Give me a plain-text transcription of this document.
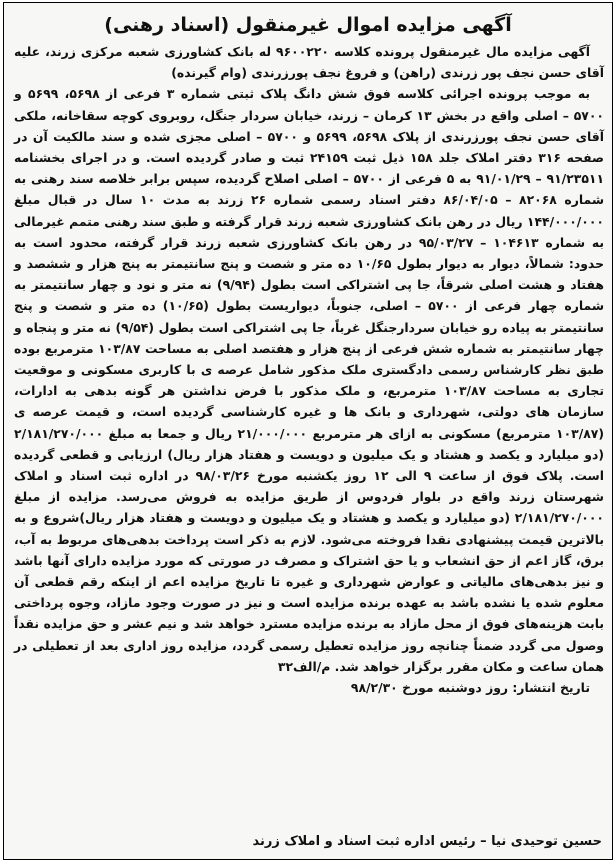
آگهی مزایده اموال غیرمنقول (اسناد رهنی)

آگهی مزایده مال غیرمنقول پرونده کلاسه ۹۶۰۰۲۲۰ له بانک کشاورزی شعبه مرکزی زرند، علیه آقای حسن نجف پور زرندی (راهن) و فروغ نجف پورزرندی (وام گیرنده)

به موجب پرونده اجرائی کلاسه فوق شش دانگ پلاک ثبتی شماره ۳ فرعی از ۵۶۹۸، ۵۶۹۹ و ۵۷۰۰ – اصلی واقع در بخش ۱۳ کرمان – زرند، خیابان سردار جنگل، روبروی کوچه سقاخانه، ملکی آقای حسن نجف پورزرندی از پلاک ۵۶۹۸، ۵۶۹۹ و ۵۷۰۰ – اصلی مجزی شده و سند مالکیت آن در صفحه ۳۱۶ دفتر املاک جلد ۱۵۸ ذیل ثبت ۲۴۱۵۹ ثبت و صادر گردیده است. و در اجرای بخشنامه ۹۱/۲۳۵۱۱ – ۹۱/۰۱/۲۹ به ۵ فرعی از ۵۷۰۰ – اصلی اصلاح گردیده، سپس برابر خلاصه سند رهنی به شماره ۸۲۰۶۸ – ۸۶/۰۴/۰۵ دفتر اسناد رسمی شماره ۲۶ زرند به مدت ۱۰ سال در قبال مبلغ ۱۴۴/۰۰۰/۰۰۰ ریال در رهن بانک کشاورزی شعبه زرند قرار گرفته و طبق سند رهنی متمم غیرمالی به شماره ۱۰۴۶۱۳ – ۹۵/۰۳/۲۷ در رهن بانک کشاورزی شعبه زرند قرار گرفته، محدود است به حدود: شمالاً، دیوار به دیوار بطول ۱۰/۶۵ ده متر و شصت و پنج سانتیمتر به پنج هزار و ششصد و هفتاد و هشت اصلی شرقاً، جا پی اشتراکی است بطول (۹/۹۴) نه متر و نود و چهار سانتیمتر به شماره چهار فرعی از ۵۷۰۰ – اصلی، جنوباً، دیواریست بطول (۱۰/۶۵) ده متر و شصت و پنج سانتیمتر به پیاده رو خیابان سردارجنگل غرباً، جا پی اشتراکی است بطول (۹/۵۴) نه متر و پنجاه و چهار سانتیمتر به شماره شش فرعی از پنج هزار و هفتصد اصلی به مساحت ۱۰۳/۸۷ مترمربع بوده طبق نظر کارشناس رسمی دادگستری ملک مذکور شامل عرصه ی با کاربری مسکونی و موقعیت تجاری به مساحت ۱۰۳/۸۷ مترمربع، و ملک مذکور با فرض نداشتن هر گونه بدهی به ادارات، سازمان های دولتی، شهرداری و بانک ها و غیره کارشناسی گردیده است، و قیمت عرصه ی (۱۰۳/۸۷ مترمربع) مسکونی به ازای هر مترمربع ۲۱/۰۰۰/۰۰۰ ریال و جمعا به مبلغ ۲/۱۸۱/۲۷۰/۰۰۰ (دو میلیارد و یکصد و هشتاد و یک میلیون و دویست و هفتاد هزار ریال) ارزیابی و قطعی گردیده است. پلاک فوق از ساعت ۹ الی ۱۲ روز یکشنبه مورخ ۹۸/۰۳/۲۶ در اداره ثبت اسناد و املاک شهرستان زرند واقع در بلوار فردوس از طریق مزایده به فروش می‌رسد. مزایده از مبلغ ۲/۱۸۱/۲۷۰/۰۰۰ (دو میلیارد و یکصد و هشتاد و یک میلیون و دویست و هفتاد هزار ریال)شروع و به بالاترین قیمت پیشنهادی نقدا فروخته می‌شود. لازم به ذکر است پرداخت بدهی‌های مربوط به آب، برق، گاز اعم از حق انشعاب و یا حق اشتراک و مصرف در صورتی که مورد مزایده دارای آنها باشد و نیز بدهی‌های مالیاتی و عوارض شهرداری و غیره تا تاریخ مزایده اعم از اینکه رقم قطعی آن معلوم شده یا نشده باشد به عهده برنده مزایده است و نیز در صورت وجود مازاد، وجوه پرداختی بابت هزینه‌های فوق از محل مازاد به برنده مزایده مسترد خواهد شد و نیم عشر و حق مزایده نقداً وصول می گردد ضمناً چنانچه روز مزایده تعطیل رسمی گردد، مزایده روز اداری بعد از تعطیلی در همان ساعت و مکان مقرر برگزار خواهد شد. م/الف۳۲

تاریخ انتشار: روز دوشنبه مورخ ۹۸/۲/۳۰
حسین توحیدی نیا – رئیس اداره ثبت اسناد و املاک زرند
